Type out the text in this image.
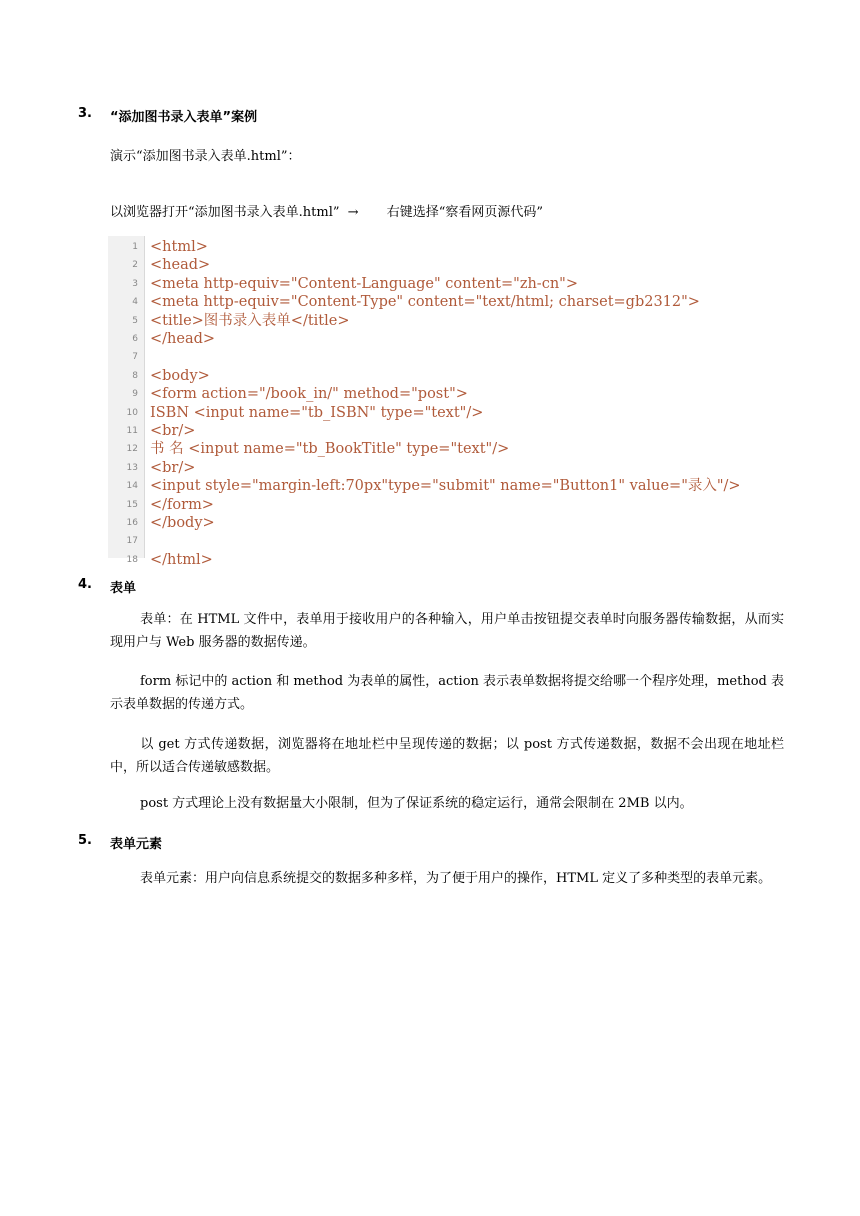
3. “添加图书录入表单”案例
演示“添加图书录入表单.html”：
以浏览器打开“添加图书录入表单.html” → 右键选择“察看网页源代码”
1 <html>
2 <head>
3 <meta http-equiv="Content-Language" content="zh-cn">
4 <meta http-equiv="Content-Type" content="text/html; charset=gb2312">
5 <title>图书录入表单</title>
6 </head>
7
8 <body>
9 <form action="/book_in/" method="post">
10 ISBN <input name="tb_ISBN" type="text"/>
11 <br/>
12 书 名 <input name="tb_BookTitle" type="text"/>
13 <br/>
14 <input style="margin-left:70px"type="submit" name="Button1" value="录入"/>
15 </form>
16 </body>
17
18 </html>
4. 表单
表单：在 HTML 文件中，表单用于接收用户的各种输入，用户单击按钮提交表单时向服务器传输数据，从而实现用户与 Web 服务器的数据传递。
form 标记中的 action 和 method 为表单的属性，action 表示表单数据将提交给哪一个程序处理，method 表示表单数据的传递方式。
以 get 方式传递数据，浏览器将在地址栏中呈现传递的数据；以 post 方式传递数据，数据不会出现在地址栏中，所以适合传递敏感数据。
post 方式理论上没有数据量大小限制，但为了保证系统的稳定运行，通常会限制在 2MB 以内。
5. 表单元素
表单元素：用户向信息系统提交的数据多种多样，为了便于用户的操作，HTML 定义了多种类型的表单元素。
